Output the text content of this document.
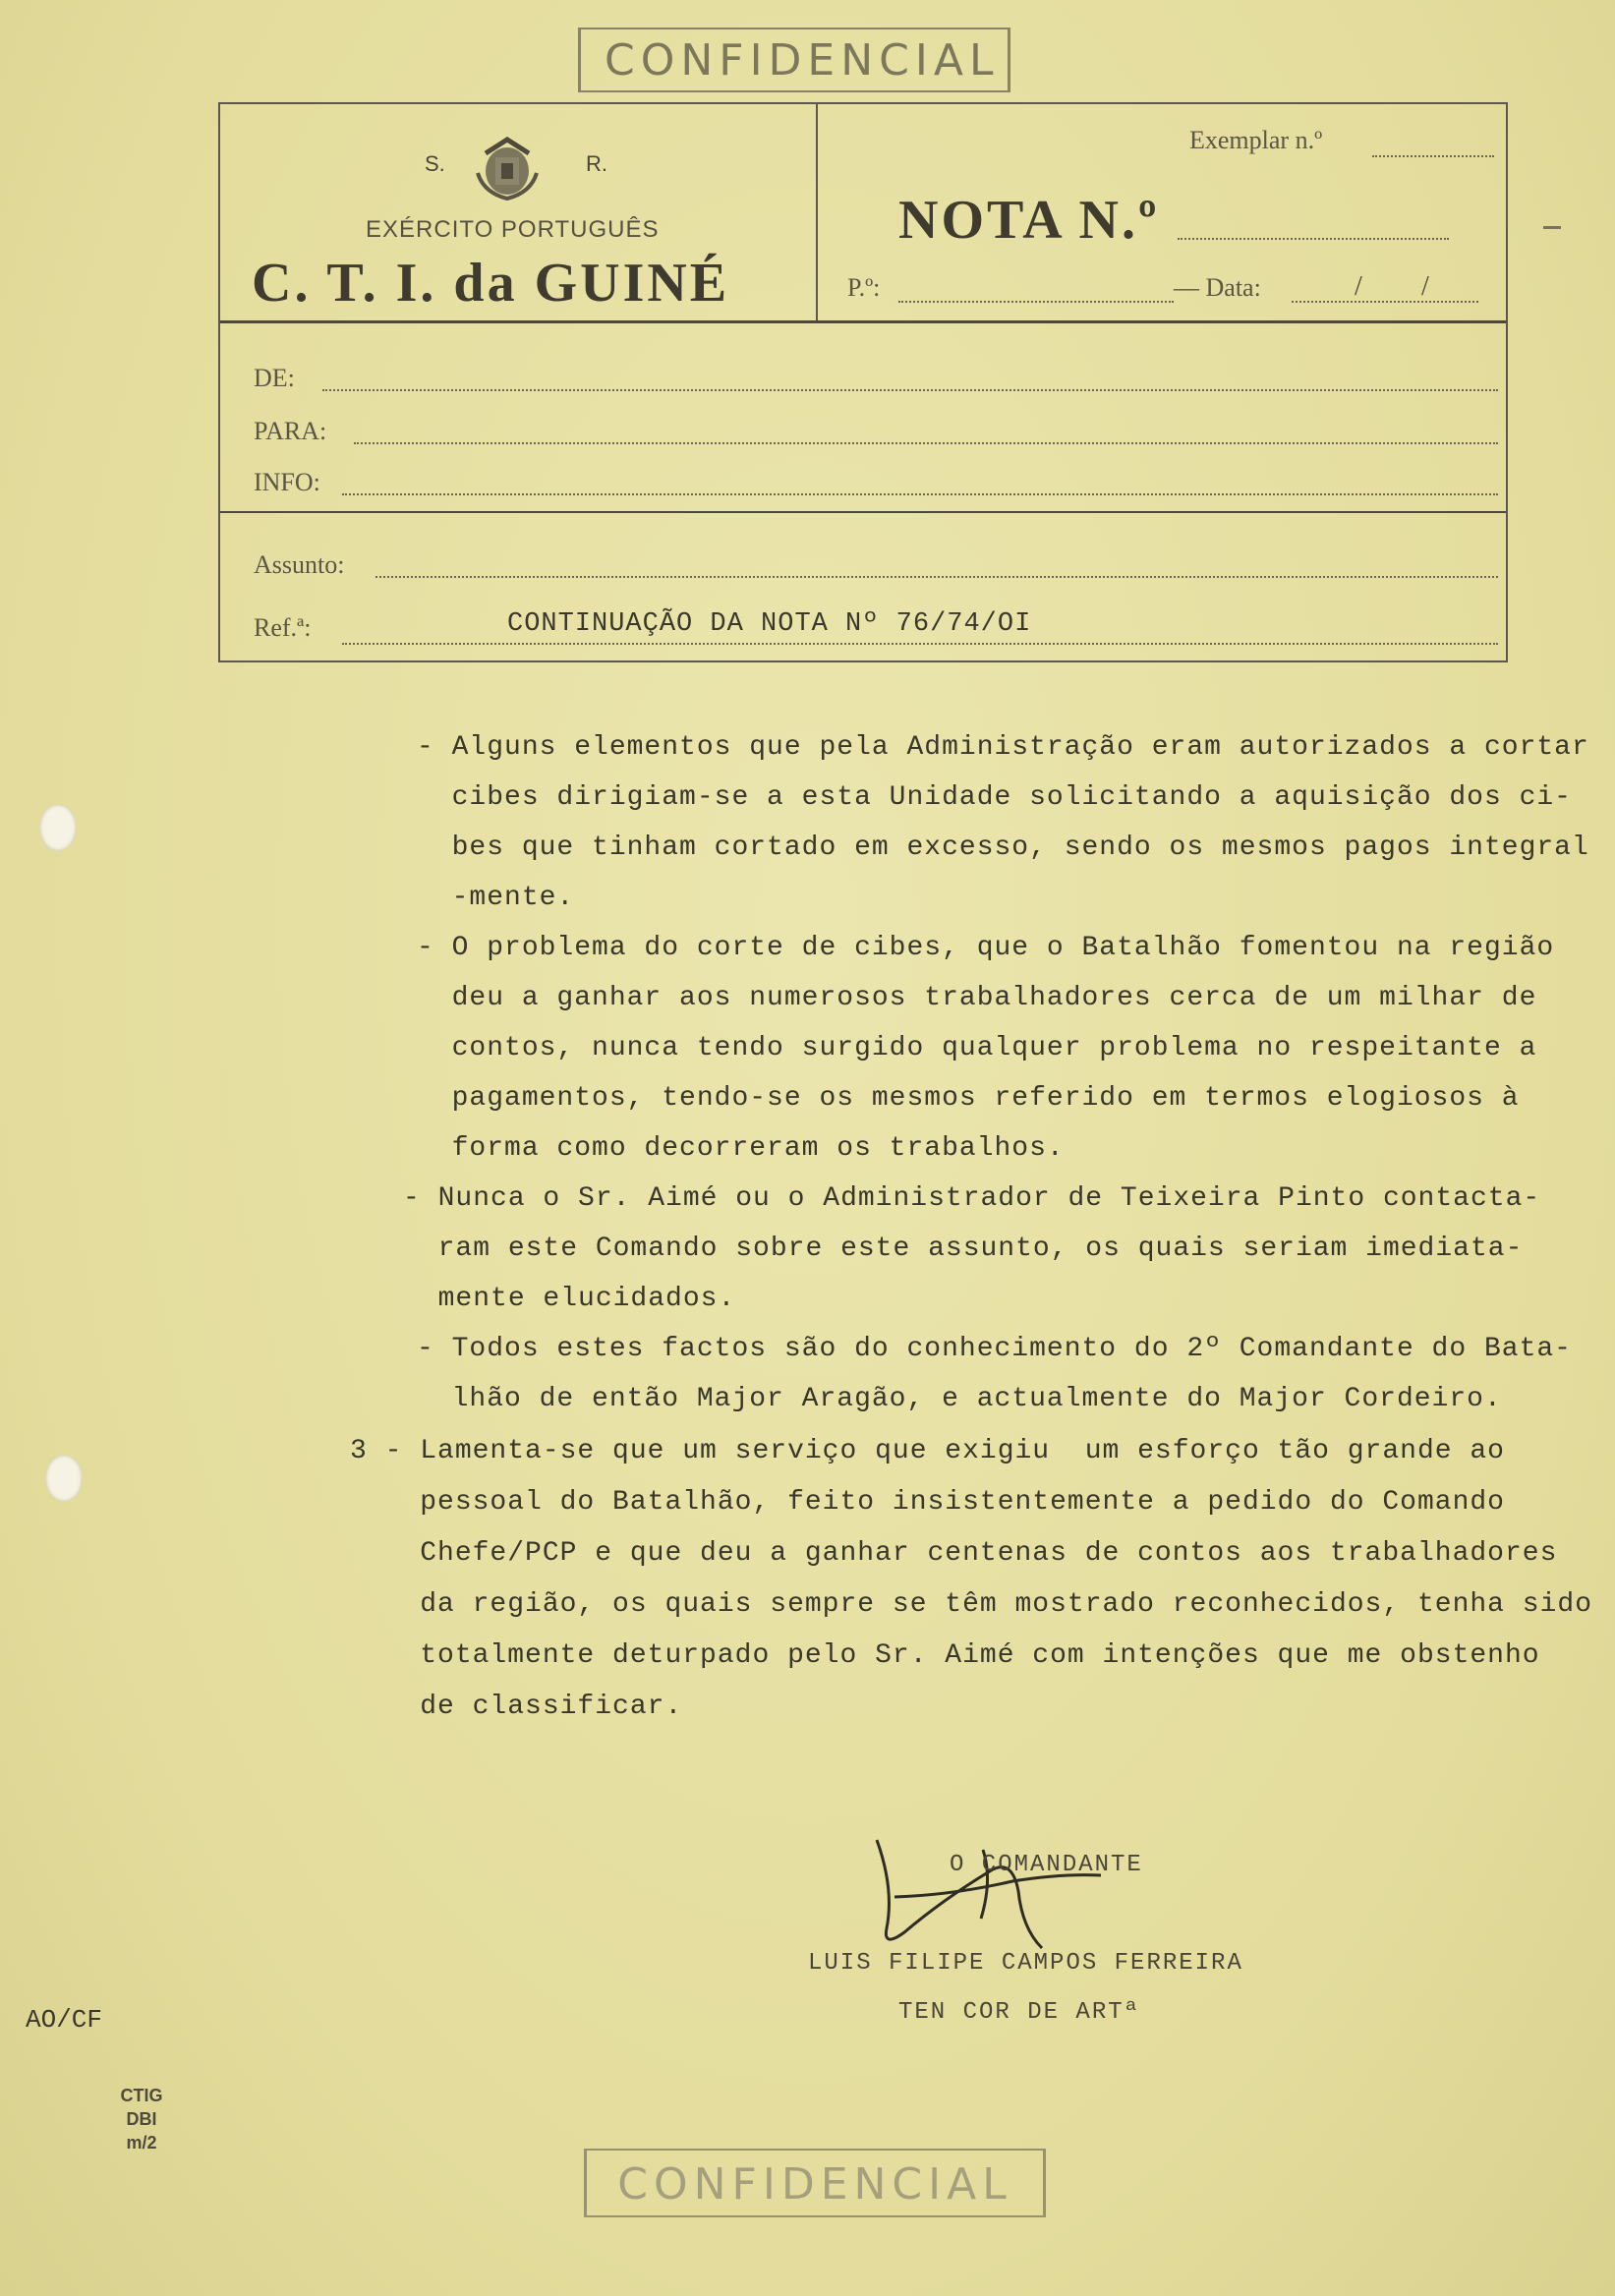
CONFIDENCIAL
S.	R.
EXÉRCITO PORTUGUÊS
C. T. I. da GUINÉ
Exemplar n.º
NOTA N.º
P.º:	— Data:	/ /
DE:
PARA:
INFO:
Assunto:
Ref.ª:	CONTINUAÇÃO DA NOTA Nº 76/74/OI

- Alguns elementos que pela Administração eram autorizados a cortar

cibes dirigiam-se a esta Unidade solicitando a aquisição dos ci-

bes que tinham cortado em excesso, sendo os mesmos pagos integral

-mente.

- O problema do corte de cibes, que o Batalhão fomentou na região

deu a ganhar aos numerosos trabalhadores cerca de um milhar de

contos, nunca tendo surgido qualquer problema no respeitante a

pagamentos, tendo-se os mesmos referido em termos elogiosos à

forma como decorreram os trabalhos.

- Nunca o Sr. Aimé ou o Administrador de Teixeira Pinto contacta-

ram este Comando sobre este assunto, os quais seriam imediata-

mente elucidados.

- Todos estes factos são do conhecimento do 2º Comandante do Bata-

lhão de então Major Aragão, e actualmente do Major Cordeiro.

3 - Lamenta-se que um serviço que exigiu  um esforço tão grande ao

pessoal do Batalhão, feito insistentemente a pedido do Comando

Chefe/PCP e que deu a ganhar centenas de contos aos trabalhadores

da região, os quais sempre se têm mostrado reconhecidos, tenha sido

totalmente deturpado pelo Sr. Aimé com intenções que me obstenho

de classificar.

O COMANDANTE
LUIS FILIPE CAMPOS FERREIRA
TEN COR DE ARTª
AO/CF
CTIG
DBI
m/2
CONFIDENCIAL
